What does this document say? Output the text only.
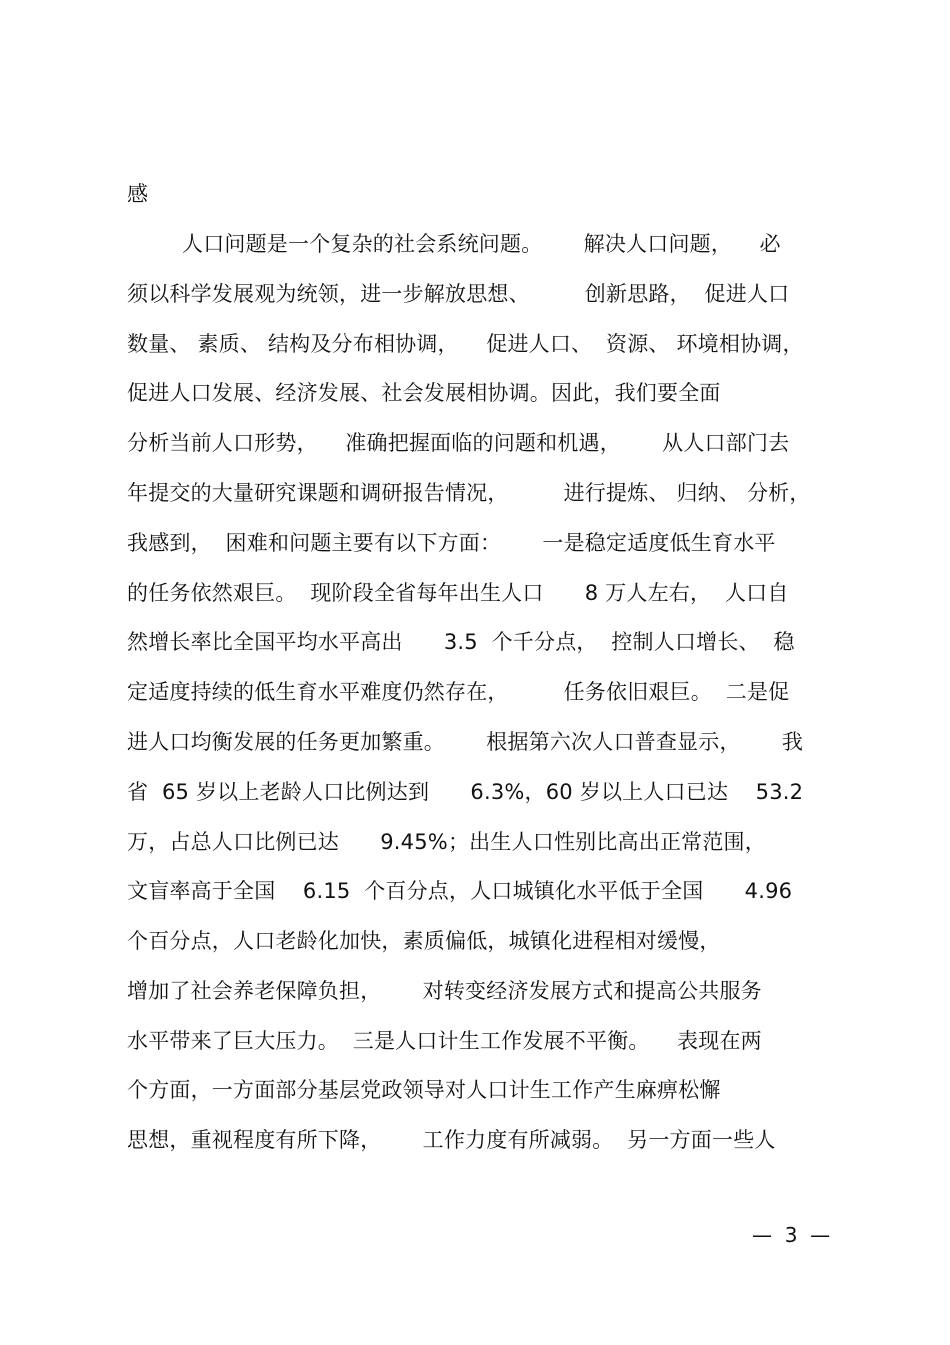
感
人口问题是一个复杂的社会系统问题。      解决人口问题，    必
须以科学发展观为统领，进一步解放思想、        创新思路，  促进人口
数量、 素质、 结构及分布相协调，    促进人口、  资源、 环境相协调，
促进人口发展、经济发展、社会发展相协调。因此，我们要全面
分析当前人口形势，    准确把握面临的问题和机遇，      从人口部门去
年提交的大量研究课题和调研报告情况，        进行提炼、 归纳、 分析，
我感到，  困难和问题主要有以下方面：      一是稳定适度低生育水平
的任务依然艰巨。  现阶段全省每年出生人口      8 万人左右，  人口自
然增长率比全国平均水平高出      3.5  个千分点，  控制人口增长、  稳
定适度持续的低生育水平难度仍然存在，        任务依旧艰巨。  二是促
进人口均衡发展的任务更加繁重。      根据第六次人口普查显示，      我
省  65 岁以上老龄人口比例达到      6.3%，60 岁以上人口已达    53.2
万，占总人口比例已达      9.45%；出生人口性别比高出正常范围，
文盲率高于全国    6.15  个百分点，人口城镇化水平低于全国      4.96
个百分点，人口老龄化加快，素质偏低，城镇化进程相对缓慢，
增加了社会养老保障负担，      对转变经济发展方式和提高公共服务
水平带来了巨大压力。  三是人口计生工作发展不平衡。    表现在两
个方面，一方面部分基层党政领导对人口计生工作产生麻痹松懈
思想，重视程度有所下降，      工作力度有所减弱。  另一方面一些人
—  3  —
